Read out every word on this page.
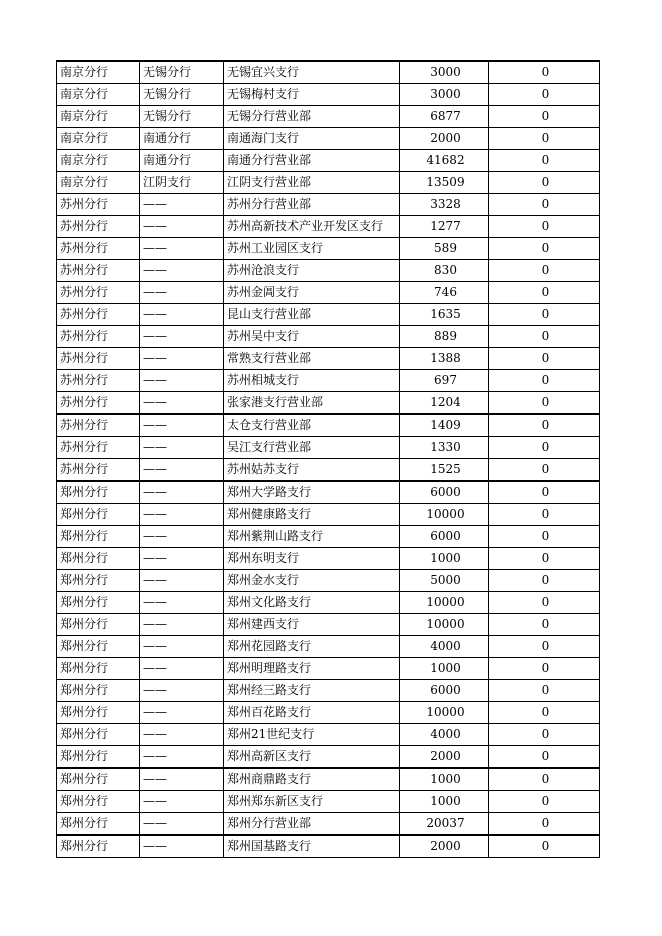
南京分行	无锡分行	无锡宜兴支行	3000	0
南京分行	无锡分行	无锡梅村支行	3000	0
南京分行	无锡分行	无锡分行营业部	6877	0
南京分行	南通分行	南通海门支行	2000	0
南京分行	南通分行	南通分行营业部	41682	0
南京分行	江阴支行	江阴支行营业部	13509	0
苏州分行	——	苏州分行营业部	3328	0
苏州分行	——	苏州高新技术产业开发区支行	1277	0
苏州分行	——	苏州工业园区支行	589	0
苏州分行	——	苏州沧浪支行	830	0
苏州分行	——	苏州金阊支行	746	0
苏州分行	——	昆山支行营业部	1635	0
苏州分行	——	苏州吴中支行	889	0
苏州分行	——	常熟支行营业部	1388	0
苏州分行	——	苏州相城支行	697	0
苏州分行	——	张家港支行营业部	1204	0
苏州分行	——	太仓支行营业部	1409	0
苏州分行	——	吴江支行营业部	1330	0
苏州分行	——	苏州姑苏支行	1525	0
郑州分行	——	郑州大学路支行	6000	0
郑州分行	——	郑州健康路支行	10000	0
郑州分行	——	郑州紫荆山路支行	6000	0
郑州分行	——	郑州东明支行	1000	0
郑州分行	——	郑州金水支行	5000	0
郑州分行	——	郑州文化路支行	10000	0
郑州分行	——	郑州建西支行	10000	0
郑州分行	——	郑州花园路支行	4000	0
郑州分行	——	郑州明理路支行	1000	0
郑州分行	——	郑州经三路支行	6000	0
郑州分行	——	郑州百花路支行	10000	0
郑州分行	——	郑州21世纪支行	4000	0
郑州分行	——	郑州高新区支行	2000	0
郑州分行	——	郑州商鼎路支行	1000	0
郑州分行	——	郑州郑东新区支行	1000	0
郑州分行	——	郑州分行营业部	20037	0
郑州分行	——	郑州国基路支行	2000	0
